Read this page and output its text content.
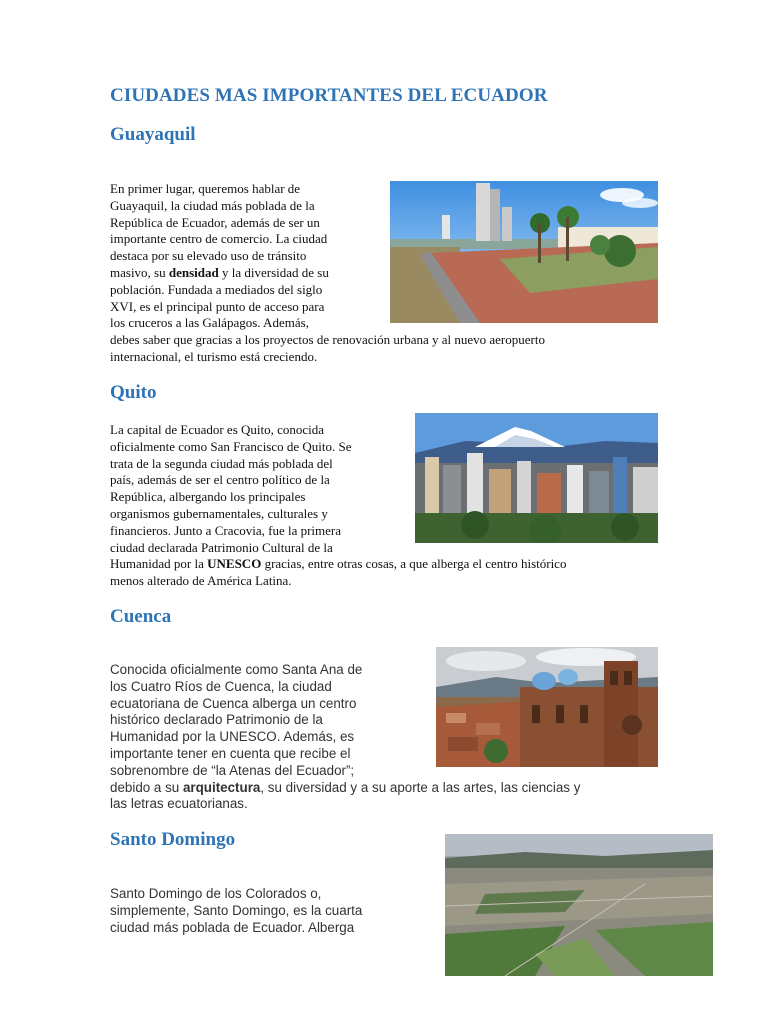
CIUDADES MAS IMPORTANTES DEL ECUADOR
Guayaquil
En primer lugar, queremos hablar de
Guayaquil, la ciudad más poblada de la
República de Ecuador, además de ser un
importante centro de comercio. La ciudad
destaca por su elevado uso de tránsito
masivo, su densidad y la diversidad de su
población. Fundada a mediados del siglo
XVI, es el principal punto de acceso para
los cruceros a las Galápagos. Además,
debes saber que gracias a los proyectos de renovación urbana y al nuevo aeropuerto
internacional, el turismo está creciendo.
Quito
La capital de Ecuador es Quito, conocida
oficialmente como San Francisco de Quito. Se
trata de la segunda ciudad más poblada del
país, además de ser el centro político de la
República, albergando los principales
organismos gubernamentales, culturales y
financieros. Junto a Cracovia, fue la primera
ciudad declarada Patrimonio Cultural de la
Humanidad por la UNESCO gracias, entre otras cosas, a que alberga el centro histórico
menos alterado de América Latina.
Cuenca
Conocida oficialmente como Santa Ana de
los Cuatro Ríos de Cuenca, la ciudad
ecuatoriana de Cuenca alberga un centro
histórico declarado Patrimonio de la
Humanidad por la UNESCO. Además, es
importante tener en cuenta que recibe el
sobrenombre de “la Atenas del Ecuador”;
debido a su arquitectura, su diversidad y a su aporte a las artes, las ciencias y
las letras ecuatorianas.
Santo Domingo
Santo Domingo de los Colorados o,
simplemente, Santo Domingo, es la cuarta
ciudad más poblada de Ecuador. Alberga
